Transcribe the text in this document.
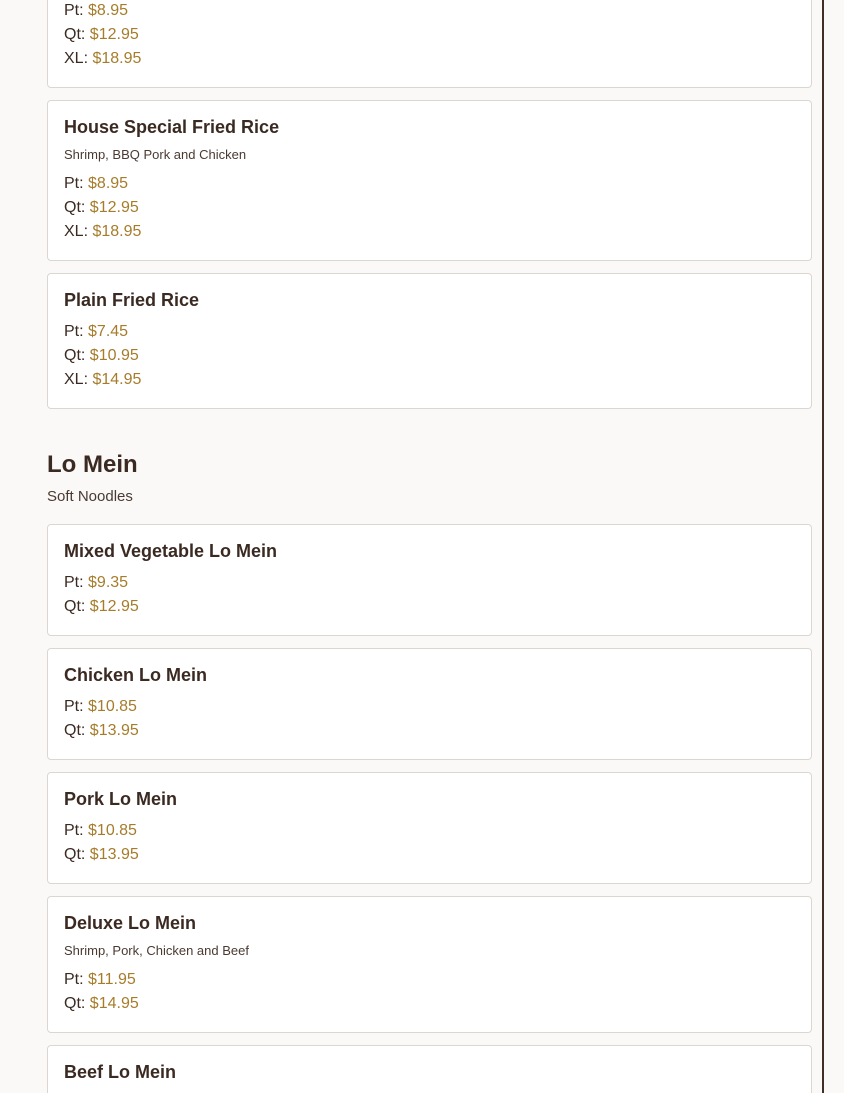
Pt: $8.95
Qt: $12.95
XL: $18.95
House Special Fried Rice
Shrimp, BBQ Pork and Chicken
Pt: $8.95
Qt: $12.95
XL: $18.95
Plain Fried Rice
Pt: $7.45
Qt: $10.95
XL: $14.95
Lo Mein
Soft Noodles
Mixed Vegetable Lo Mein
Pt: $9.35
Qt: $12.95
Chicken Lo Mein
Pt: $10.85
Qt: $13.95
Pork Lo Mein
Pt: $10.85
Qt: $13.95
Deluxe Lo Mein
Shrimp, Pork, Chicken and Beef
Pt: $11.95
Qt: $14.95
Beef Lo Mein
